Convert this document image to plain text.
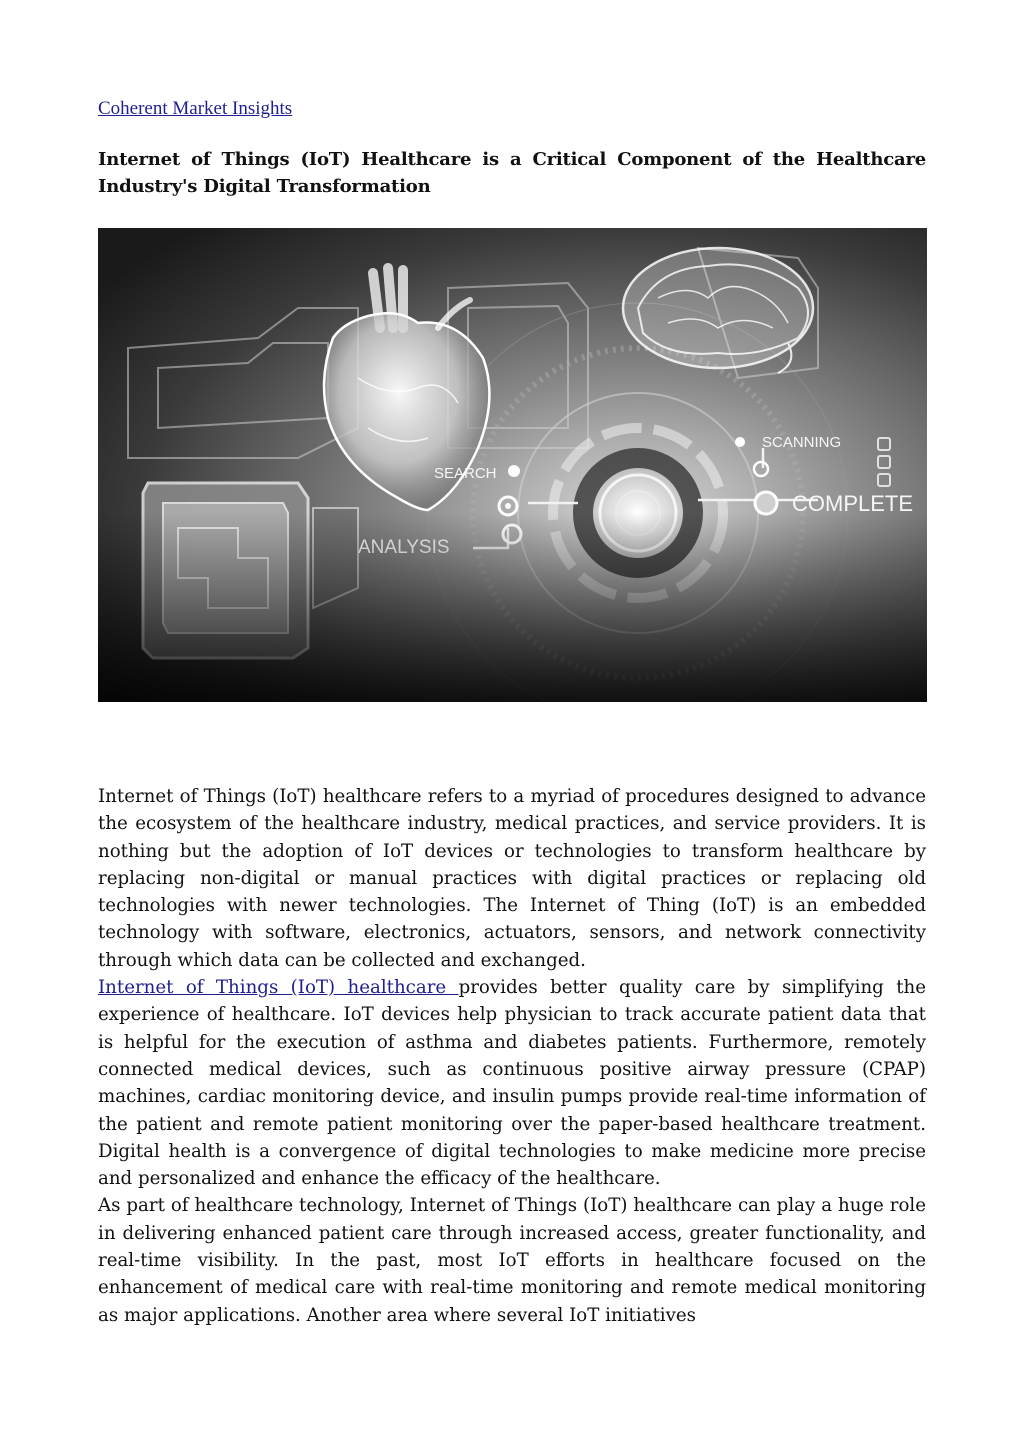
Coherent Market Insights
Internet of Things (IoT) Healthcare is a Critical Component of the Healthcare Industry's Digital Transformation

Internet of Things (IoT) healthcare refers to a myriad of procedures designed to advance the ecosystem of the healthcare industry, medical practices, and service providers. It is nothing but the adoption of IoT devices or technologies to transform healthcare by replacing non-digital or manual practices with digital practices or replacing old technologies with newer technologies. The Internet of Thing (IoT) is an embedded technology with software, electronics, actuators, sensors, and network connectivity through which data can be collected and exchanged.

Internet of Things (IoT) healthcare provides better quality care by simplifying the experience of healthcare. IoT devices help physician to track accurate patient data that is helpful for the execution of asthma and diabetes patients. Furthermore, remotely connected medical devices, such as continuous positive airway pressure (CPAP) machines, cardiac monitoring device, and insulin pumps provide real-time information of the patient and remote patient monitoring over the paper-based healthcare treatment. Digital health is a convergence of digital technologies to make medicine more precise and personalized and enhance the efficacy of the healthcare.

As part of healthcare technology, Internet of Things (IoT) healthcare can play a huge role in delivering enhanced patient care through increased access, greater functionality, and real-time visibility. In the past, most IoT efforts in healthcare focused on the enhancement of medical care with real-time monitoring and remote medical monitoring as major applications. Another area where several IoT initiatives
